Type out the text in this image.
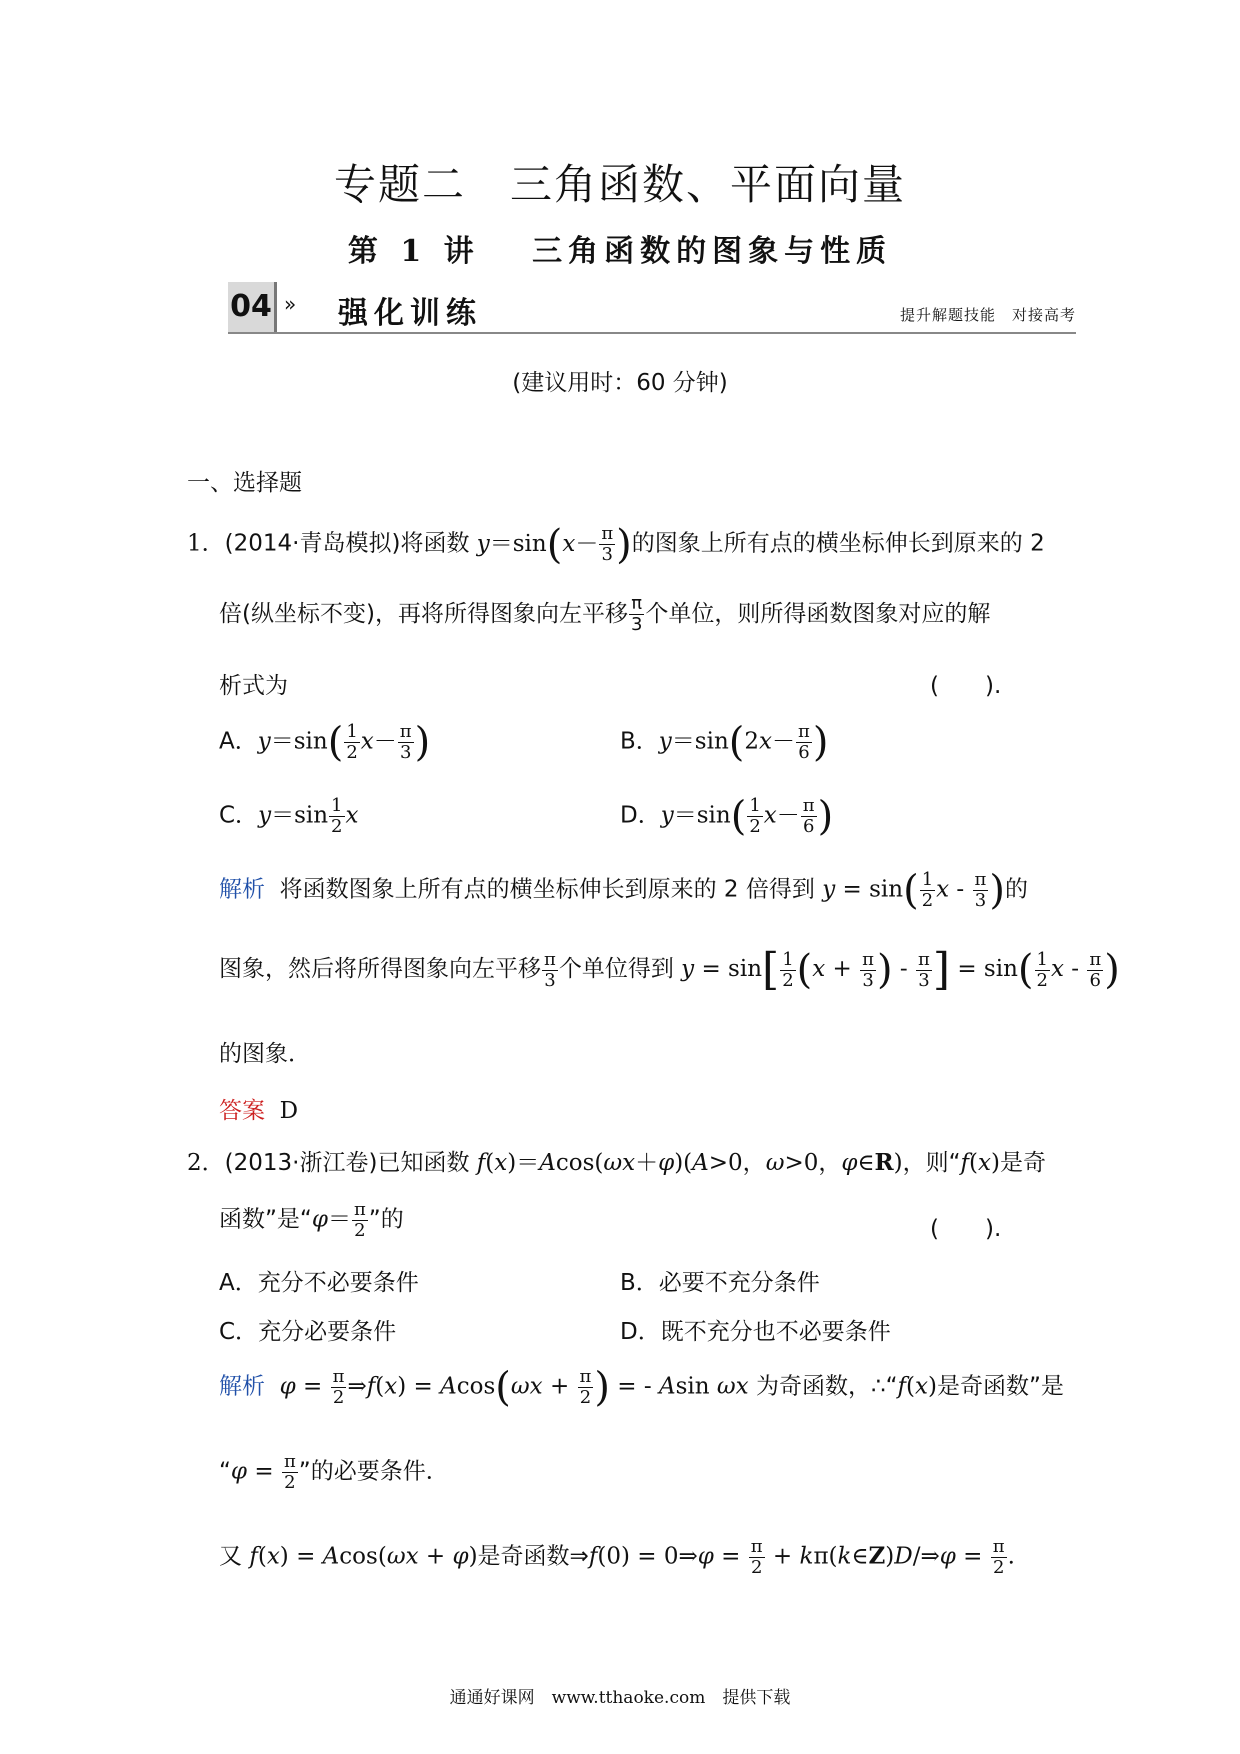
专题二　三角函数、平面向量
第 1 讲　 三角函数的图象与性质
04 » 强化训练	提升解题技能　对接高考
(建议用时：60 分钟)
一、选择题
1．(2014·青岛模拟)将函数 $y=\sin(x- \frac{\pi}{3}$ )的图象上所有点的横坐标伸长到原来的 2
倍(纵坐标不变)，再将所得图象向左平移 $\frac{\pi}{3}$ 个单位，则所得函数图象对应的解
析式为	(　　).
A．$y=\sin( \frac{1}{2} x- \frac{\pi}{3}$ )	B．$y=\sin(2x- \frac{\pi}{6}$ )
C．$y=\sin \frac{1}{2}$ x	D．$y=\sin( \frac{1}{2} x- \frac{\pi}{6}$ )
解析 将函数图象上所有点的横坐标伸长到原来的 2 倍得到 $y = \sin( \frac{1}{2}$ x - $\frac{\pi}{3}$ )的
图象，然后将所得图象向左平移 $\frac{\pi}{3}$ 个单位得到 $y = \sin[ \frac{1}{2} (x + \frac{\pi}{3}$ ) - $\frac{\pi}{3}$ ] = $\sin( \frac{1}{2}$ x - $\frac{\pi}{6}$ )
的图象．
答案 D
2．(2013·浙江卷)已知函数 f(x)＝Acos(ωx＋φ)(A>0，ω>0，φ∈R)，则“f(x)是奇
函数”是“$\varphi= \frac{\pi}{2}$ ”的	(　　).
A．充分不必要条件	B．必要不充分条件
C．充分必要条件	D．既不充分也不必要条件
解析 $\varphi = \frac{\pi}{2}$ ⇒f(x) = $Acos(\omega x + \frac{\pi}{2}$ ) = - Asin ωx 为奇函数，∴“f(x)是奇函数”是
“$\varphi = \frac{\pi}{2}$ ”的必要条件．
又 f(x) = Acos(ωx + φ)是奇函数⇒f(0) = 0⇒φ = $\frac{\pi}{2}$ + kπ(k∈Z)D/⇒φ = $\frac{\pi}{2}$ .
通通好课网　www.tthaoke.com　提供下载
